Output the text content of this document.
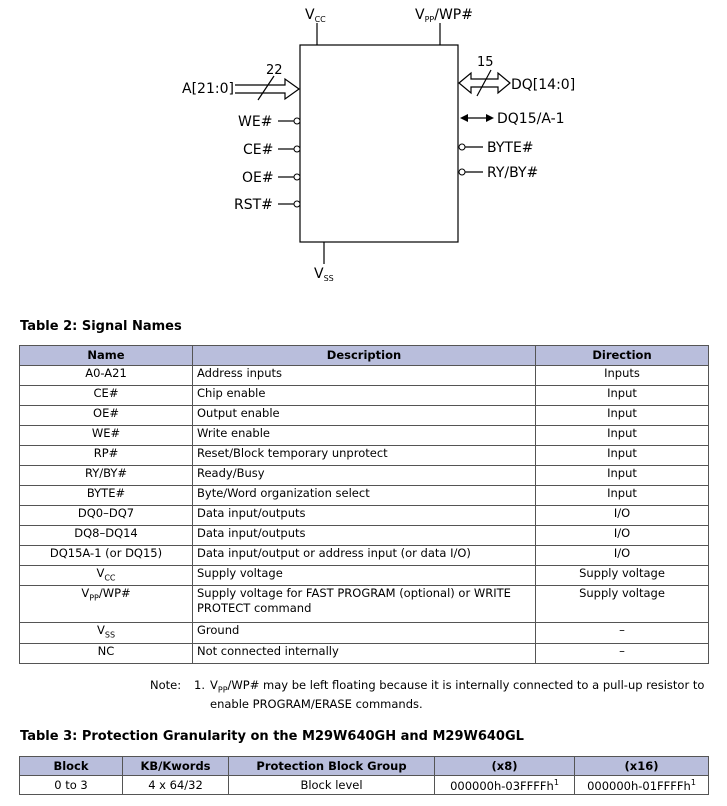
$V_{CC}$	$V_{PP}/WP\#$
$V_{SS}$
22
A[21:0]
15
DQ[14:0]
DQ15/A-1
BYTE#
RY/BY#
WE#
CE#
OE#
RST#
Table 2: Signal Names
Name	Description	Direction
A0-A21	Address inputs	Inputs
CE#	Chip enable	Input
OE#	Output enable	Input
WE#	Write enable	Input
RP#	Reset/Block temporary unprotect	Input
RY/BY#	Ready/Busy	Input
BYTE#	Byte/Word organization select	Input
DQ0–DQ7	Data input/outputs	I/O
DQ8–DQ14	Data input/outputs	I/O
DQ15A-1 (or DQ15)	Data input/output or address input (or data I/O)	I/O
$V_{CC}$	Supply voltage	Supply voltage
$V_{PP}/WP\#$	Supply voltage for FAST PROGRAM (optional) or WRITE PROTECT command	Supply voltage
$V_{SS}$	Ground	–
NC	Not connected internally	–
Note: 1. $V_{PP}/WP\#$ may be left floating because it is internally connected to a pull-up resistor to enable PROGRAM/ERASE commands.
Table 3: Protection Granularity on the M29W640GH and M29W640GL
Block	KB/Kwords	Protection Block Group	(x8)	(x16)
0 to 3	4 x 64/32	Block level	000000h-03FFFFh$^1$	000000h-01FFFFh$^1$
